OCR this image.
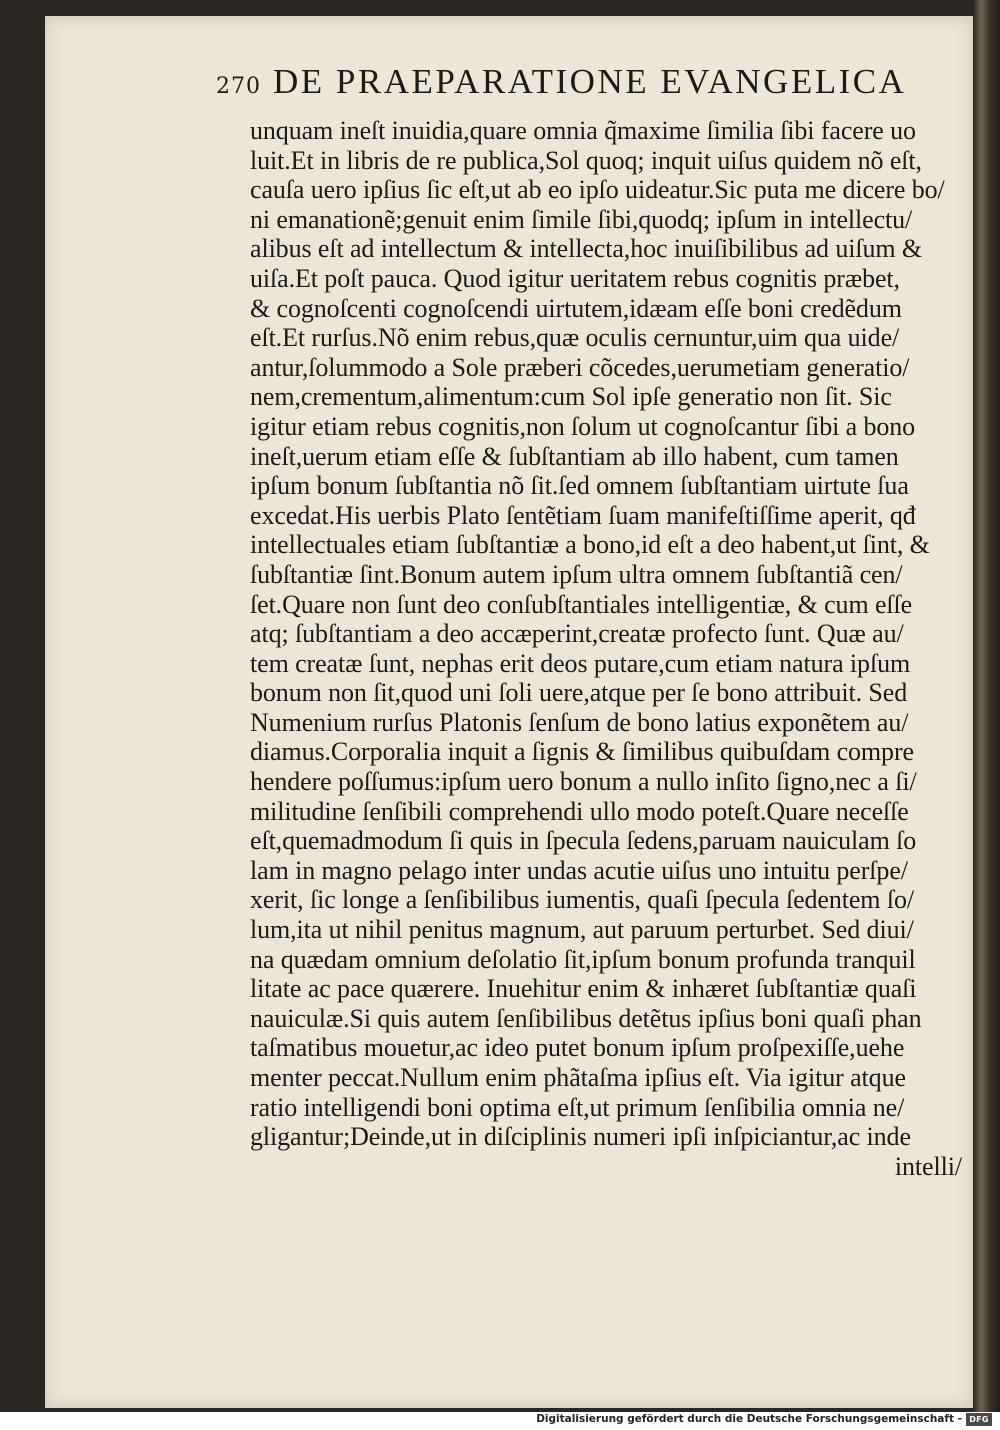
270 DE PRAEPARATIONE EVANGELICA
unquam ineſt inuidia,quare omnia q̃maxime ſimilia ſibi facere uo
luit.Et in libris de re publica,Sol quoq; inquit uiſus quidem nõ eſt,
cauſa uero ipſius ſic eſt,ut ab eo ipſo uideatur.Sic puta me dicere bo/
ni emanationẽ;genuit enim ſimile ſibi,quodq; ipſum in intellectu/
alibus eſt ad intellectum & intellecta,hoc inuiſibilibus ad uiſum &
uiſa.Et poſt pauca. Quod igitur ueritatem rebus cognitis præbet,
& cognoſcenti cognoſcendi uirtutem,idæam eſſe boni credẽdum
eſt.Et rurſus.Nõ enim rebus,quæ oculis cernuntur,uim qua uide/
antur,ſolummodo a Sole præberi cõcedes,uerumetiam generatio/
nem,crementum,alimentum:cum Sol ipſe generatio non ſit. Sic
igitur etiam rebus cognitis,non ſolum ut cognoſcantur ſibi a bono
ineſt,uerum etiam eſſe & ſubſtantiam ab illo habent, cum tamen
ipſum bonum ſubſtantia nõ ſit.ſed omnem ſubſtantiam uirtute ſua
excedat.His uerbis Plato ſentẽtiam ſuam manifeſtiſſime aperit, qđ
intellectuales etiam ſubſtantiæ a bono,id eſt a deo habent,ut ſint, &
ſubſtantiæ ſint.Bonum autem ipſum ultra omnem ſubſtantiã cen/
ſet.Quare non ſunt deo conſubſtantiales intelligentiæ, & cum eſſe
atq; ſubſtantiam a deo accæperint,creatæ profecto ſunt. Quæ au/
tem creatæ ſunt, nephas erit deos putare,cum etiam natura ipſum
bonum non ſit,quod uni ſoli uere,atque per ſe bono attribuit. Sed
Numenium rurſus Platonis ſenſum de bono latius exponẽtem au/
diamus.Corporalia inquit a ſignis & ſimilibus quibuſdam compre
hendere poſſumus:ipſum uero bonum a nullo inſito ſigno,nec a ſi/
militudine ſenſibili comprehendi ullo modo poteſt.Quare neceſſe
eſt,quemadmodum ſi quis in ſpecula ſedens,paruam nauiculam ſo
lam in magno pelago inter undas acutie uiſus uno intuitu perſpe/
xerit, ſic longe a ſenſibilibus iumentis, quaſi ſpecula ſedentem ſo/
lum,ita ut nihil penitus magnum, aut paruum perturbet. Sed diui/
na quædam omnium deſolatio ſit,ipſum bonum profunda tranquil
litate ac pace quærere. Inuehitur enim & inhæret ſubſtantiæ quaſi
nauiculæ.Si quis autem ſenſibilibus detẽtus ipſius boni quaſi phan
taſmatibus mouetur,ac ideo putet bonum ipſum proſpexiſſe,uehe
menter peccat.Nullum enim phãtaſma ipſius eſt. Via igitur atque
ratio intelligendi boni optima eſt,ut primum ſenſibilia omnia ne/
gligantur;Deinde,ut in diſciplinis numeri ipſi inſpiciantur,ac inde
intelli/
Digitalisierung gefördert durch die Deutsche Forschungsgemeinschaft - DFG
